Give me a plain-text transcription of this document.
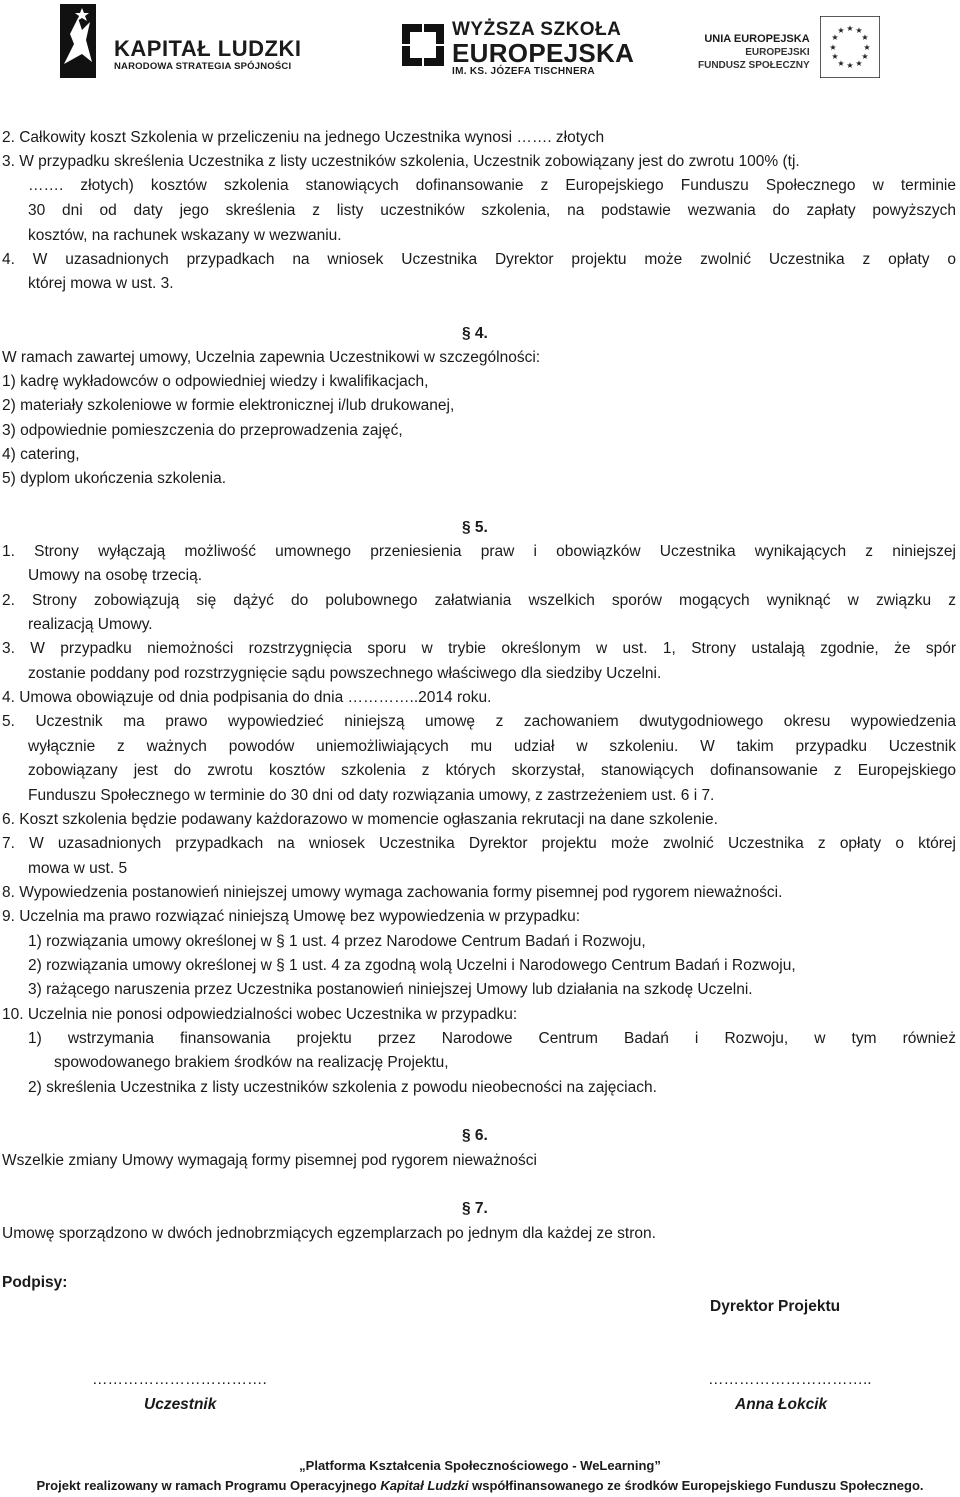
KAPITAŁ LUDZKI
NARODOWA STRATEGIA SPÓJNOŚCI
WYŻSZA SZKOŁA
EUROPEJSKA
IM. KS. JÓZEFA TISCHNERA
UNIA EUROPEJSKA
EUROPEJSKI
FUNDUSZ SPOŁECZNY
★ ★
★
★
★
★
★
★
★
★
★
★
2. Całkowity koszt Szkolenia w przeliczeniu na jednego Uczestnika wynosi ……. złotych
3. W przypadku skreślenia Uczestnika z listy uczestników szkolenia, Uczestnik zobowiązany jest do zwrotu 100% (tj.
……. złotych) kosztów szkolenia stanowiących dofinansowanie z Europejskiego Funduszu Społecznego w terminie
30 dni od daty jego skreślenia z listy uczestników szkolenia, na podstawie wezwania do zapłaty powyższych
kosztów, na rachunek wskazany w wezwaniu.
4. W uzasadnionych przypadkach na wniosek Uczestnika Dyrektor projektu może zwolnić Uczestnika z opłaty o
której mowa w ust. 3.
§ 4.
W ramach zawartej umowy, Uczelnia zapewnia Uczestnikowi w szczególności:
1) kadrę wykładowców o odpowiedniej wiedzy i kwalifikacjach,
2) materiały szkoleniowe w formie elektronicznej i/lub drukowanej,
3) odpowiednie pomieszczenia do przeprowadzenia zajęć,
4) catering,
5) dyplom ukończenia szkolenia.
§ 5.
1. Strony wyłączają możliwość umownego przeniesienia praw i obowiązków Uczestnika wynikających z niniejszej
Umowy na osobę trzecią.
2. Strony zobowiązują się dążyć do polubownego załatwiania wszelkich sporów mogących wyniknąć w związku z
realizacją Umowy.
3. W przypadku niemożności rozstrzygnięcia sporu w trybie określonym w ust. 1, Strony ustalają zgodnie, że spór
zostanie poddany pod rozstrzygnięcie sądu powszechnego właściwego dla siedziby Uczelni.
4. Umowa obowiązuje od dnia podpisania do dnia …………..2014 roku.
5. Uczestnik ma prawo wypowiedzieć niniejszą umowę z zachowaniem dwutygodniowego okresu wypowiedzenia
wyłącznie z ważnych powodów uniemożliwiających mu udział w szkoleniu. W takim przypadku Uczestnik
zobowiązany jest do zwrotu kosztów szkolenia z których skorzystał, stanowiących dofinansowanie z Europejskiego
Funduszu Społecznego w terminie do 30 dni od daty rozwiązania umowy, z zastrzeżeniem ust. 6 i 7.
6. Koszt szkolenia będzie podawany każdorazowo w momencie ogłaszania rekrutacji na dane szkolenie.
7. W uzasadnionych przypadkach na wniosek Uczestnika Dyrektor projektu może zwolnić Uczestnika z opłaty o której
mowa w ust. 5
8. Wypowiedzenia postanowień niniejszej umowy wymaga zachowania formy pisemnej pod rygorem nieważności.
9. Uczelnia ma prawo rozwiązać niniejszą Umowę bez wypowiedzenia w przypadku:
1) rozwiązania umowy określonej w § 1 ust. 4 przez Narodowe Centrum Badań i Rozwoju,
2) rozwiązania umowy określonej w § 1 ust. 4 za zgodną wolą Uczelni i Narodowego Centrum Badań i Rozwoju,
3) rażącego naruszenia przez Uczestnika postanowień niniejszej Umowy lub działania na szkodę Uczelni.
10. Uczelnia nie ponosi odpowiedzialności wobec Uczestnika w przypadku:
1) wstrzymania finansowania projektu przez Narodowe Centrum Badań i Rozwoju, w tym również
spowodowanego brakiem środków na realizację Projektu,
2) skreślenia Uczestnika z listy uczestników szkolenia z powodu nieobecności na zajęciach.
§ 6.
Wszelkie zmiany Umowy wymagają formy pisemnej pod rygorem nieważności
§ 7.
Umowę sporządzono w dwóch jednobrzmiących egzemplarzach po jednym dla każdej ze stron.
Podpisy:
Dyrektor Projektu
…………………………….	…………………………..
Uczestnik	Anna Łokcik
„Platforma Kształcenia Społecznościowego - WeLearning”
Projekt realizowany w ramach Programu Operacyjnego Kapitał Ludzki współfinansowanego ze środków Europejskiego Funduszu Społecznego.
